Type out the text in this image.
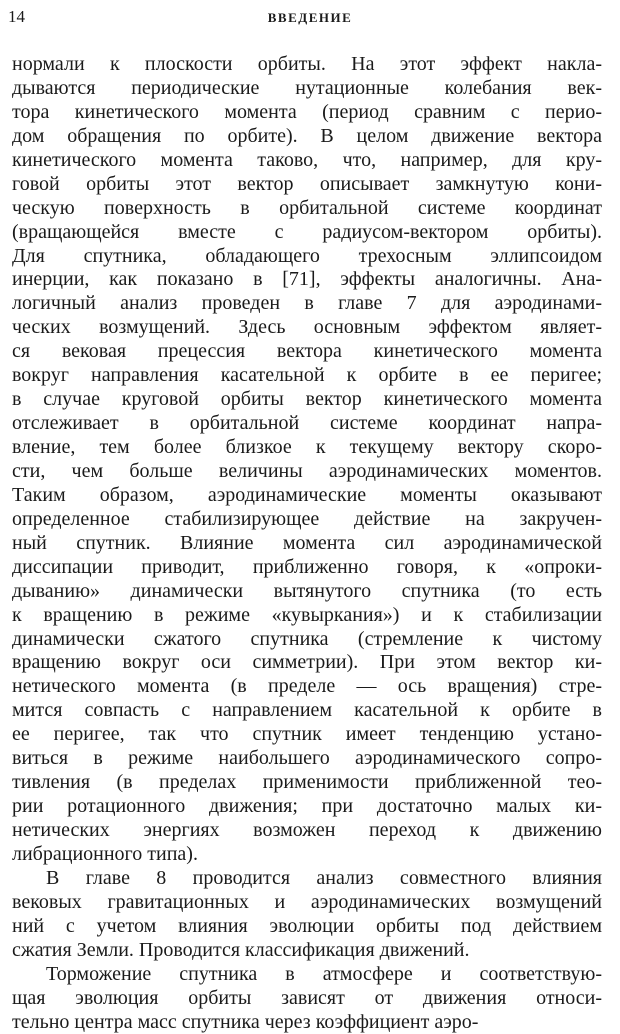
14	ВВЕДЕНИЕ
нормали к плоскости орбиты. На этот эффект накла-
дываются периодические нутационные колебания век-
тора кинетического момента (период сравним с перио-
дом обращения по орбите). В целом движение вектора
кинетического момента таково, что, например, для кру-
говой орбиты этот вектор описывает замкнутую кони-
ческую поверхность в орбитальной системе координат
(вращающейся вместе с радиусом-вектором орбиты).
Для спутника, обладающего трехосным эллипсоидом
инерции, как показано в [71], эффекты аналогичны. Ана-
логичный анализ проведен в главе 7 для аэродинами-
ческих возмущений. Здесь основным эффектом являет-
ся вековая прецессия вектора кинетического момента
вокруг направления касательной к орбите в ее перигее;
в случае круговой орбиты вектор кинетического момента
отслеживает в орбитальной системе координат напра-
вление, тем более близкое к текущему вектору скоро-
сти, чем больше величины аэродинамических моментов.
Таким образом, аэродинамические моменты оказывают
определенное стабилизирующее действие на закручен-
ный спутник. Влияние момента сил аэродинамической
диссипации приводит, приближенно говоря, к «опроки-
дыванию» динамически вытянутого спутника (то есть
к вращению в режиме «кувыркания») и к стабилизации
динамически сжатого спутника (стремление к чистому
вращению вокруг оси симметрии). При этом вектор ки-
нетического момента (в пределе — ось вращения) стре-
мится совпасть с направлением касательной к орбите в
ее перигее, так что спутник имеет тенденцию устано-
виться в режиме наибольшего аэродинамического сопро-
тивления (в пределах применимости приближенной тео-
рии ротационного движения; при достаточно малых ки-
нетических энергиях возможен переход к движению
либрационного типа).
В главе 8 проводится анализ совместного влияния
вековых гравитационных и аэродинамических возмущений
ний с учетом влияния эволюции орбиты под действием
сжатия Земли. Проводится классификация движений.
Торможение спутника в атмосфере и соответствую-
щая эволюция орбиты зависят от движения относи-
тельно центра масс спутника через коэффициент аэро-
